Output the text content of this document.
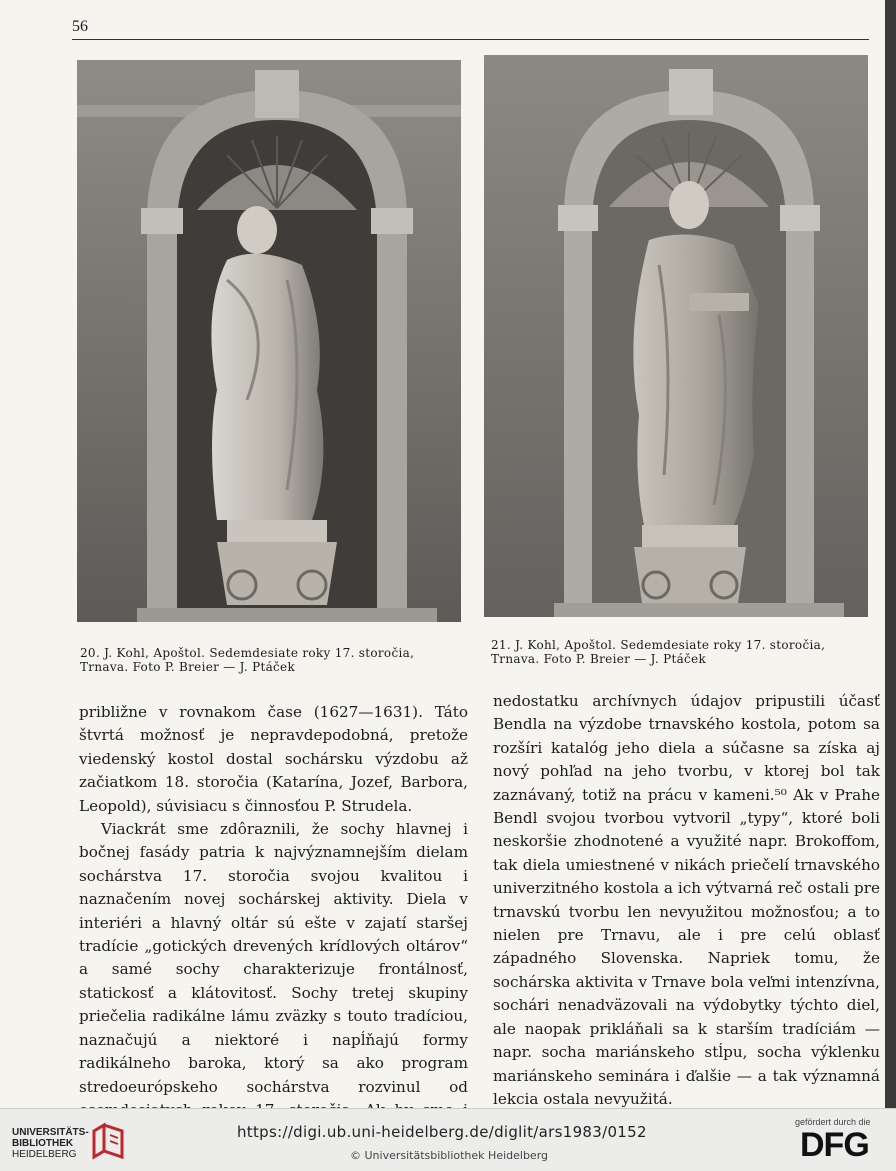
56
20. J. Kohl, Apoštol. Sedemdesiate roky 17. storočia,
Trnava. Foto P. Breier — J. Ptáček
21. J. Kohl, Apoštol. Sedemdesiate roky 17. storočia,
Trnava. Foto P. Breier — J. Ptáček

približne v rovnakom čase (1627—1631). Táto štvrtá možnosť je nepravdepodobná, pretože viedenský kostol dostal sochársku výzdobu až začiatkom 18. storočia (Katarína, Jozef, Barbora, Leopold), súvisiacu s činnosťou P. Strudela.

Viackrát sme zdôraznili, že sochy hlavnej i bočnej fasády patria k najvýznamnejším dielam sochárstva 17. storočia svojou kvalitou i naznačením novej sochárskej aktivity. Diela v interiéri a hlavný oltár sú ešte v zajatí staršej tradície „gotických drevených krídlových oltárov“ a samé sochy charakterizuje frontálnosť, statickosť a klátovitosť. Sochy tretej skupiny priečelia radikálne lámu zväzky s touto tradíciou, naznačujú a niektoré i napĺňajú formy radikálneho baroka, ktorý sa ako program stredoeurópskeho sochárstva rozvinul od

nedostatku archívnych údajov pripustili účasť Bendla na výzdobe trnavského kostola, potom sa rozšíri katalóg jeho diela a súčasne sa získa aj nový pohľad na jeho tvorbu, v ktorej bol tak zaznávaný, totiž na prácu v kameni.⁵⁰ Ak v Prahe Bendl svojou tvorbou vytvoril „typy“, ktoré boli neskoršie zhodnotené a využité napr. Brokoffom, tak diela umiestnené v nikách priečelí trnavského univerzitného kostola a ich výtvarná reč ostali pre trnavskú tvorbu len nevyužitou možnosťou; a to nielen pre Trnavu, ale i pre celú oblasť západného Slovenska. Napriek tomu, že sochárska aktivita v Trnave bola veľmi intenzívna, sochári nenadväzovali na výdobytky týchto diel, ale naopak prikláňali sa k starším tradíciám — napr. socha mariánskeho stĺpu, socha výklenku mariánskeho seminára i ďalšie — a tak významná lekcia ostala nevyužitá.

UNIVERSITÄTS-
BIBLIOTHEK
HEIDELBERG
https://digi.ub.uni-heidelberg.de/diglit/ars1983/0152
© Universitätsbibliothek Heidelberg
gefördert durch die
DFG
